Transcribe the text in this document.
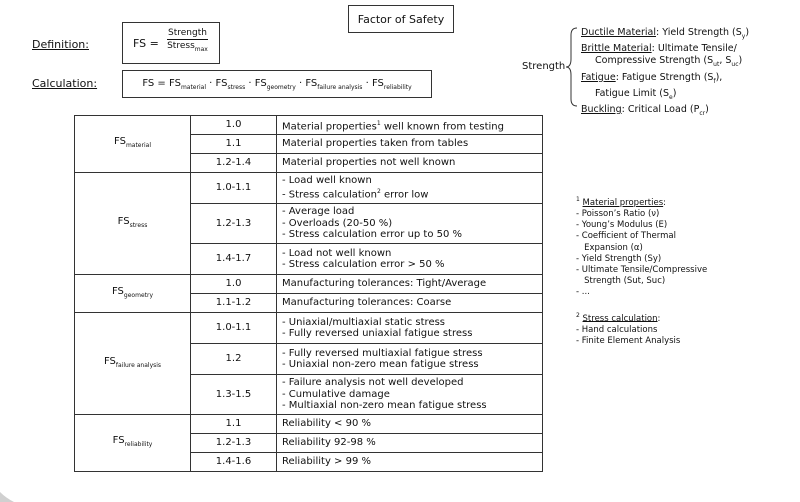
Factor of Safety
Definition:	FS =
Strength
Stress$_{max}$
Calculation:	FS = $FS_{material} \cdot FS_{stress} \cdot FS_{geometry} \cdot FS_{failure analysis} \cdot FS_{reliability}$
Strength
Ductile Material: Yield Strength $(S_y)$
Brittle Material: Ultimate Tensile/
Compressive Strength ($S_{ut}$, $S_{uc}$)
Fatigue: Fatigue Strength $(S_f)$,
Fatigue Limit $(S_e)$
Buckling: Critical Load $(P_{cr})$
$^1$ Material properties:
- Poisson’s Ratio (ν)
- Young’s Modulus (E)
- Coefficient of Thermal
Expansion (α)
- Yield Strength (Sy)
- Ultimate Tensile/Compressive
Strength (Sut, Suc)
- ...
$^2$ Stress calculation:
- Hand calculations
- Finite Element Analysis
$FS_{material}$	1.0	Material properties$^1$ well known from testing

	1.1	Material properties taken from tables

	1.2-1.4	Material properties not well known

$FS_{stress}$	1.0-1.1	- Load well known
- Stress calculation$^2$ error low

	1.2-1.3	- Average load
- Overloads (20-50 %)
- Stress calculation error up to 50 %

	1.4-1.7	- Load not well known
- Stress calculation error > 50 %

$FS_{geometry}$	1.0	Manufacturing tolerances: Tight/Average

	1.1-1.2	Manufacturing tolerances: Coarse

$FS_{failure analysis}$	1.0-1.1	- Uniaxial/multiaxial static stress
- Fully reversed uniaxial fatigue stress

	1.2	- Fully reversed multiaxial fatigue stress
- Uniaxial non-zero mean fatigue stress

	1.3-1.5	- Failure analysis not well developed
- Cumulative damage
- Multiaxial non-zero mean fatigue stress

$FS_{reliability}$	1.1	Reliability < 90 %

	1.2-1.3	Reliability 92-98 %

	1.4-1.6	Reliability > 99 %
